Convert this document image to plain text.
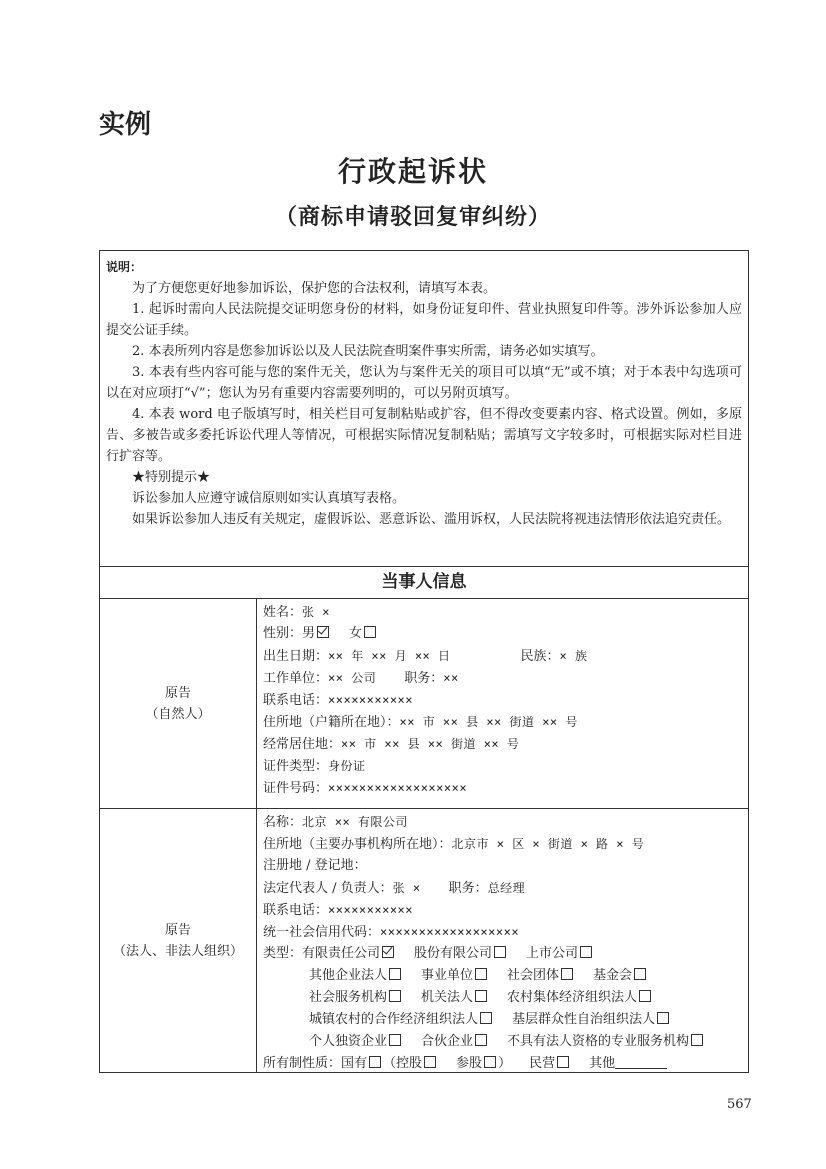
实例
行政起诉状
（商标申请驳回复审纠纷）

说明：

为了方便您更好地参加诉讼，保护您的合法权利，请填写本表。

1. 起诉时需向人民法院提交证明您身份的材料，如身份证复印件、营业执照复印件等。涉外诉讼参加人应提交公证手续。

2. 本表所列内容是您参加诉讼以及人民法院查明案件事实所需，请务必如实填写。

3. 本表有些内容可能与您的案件无关，您认为与案件无关的项目可以填“无”或不填；对于本表中勾选项可以在对应项打“√”；您认为另有重要内容需要列明的，可以另附页填写。

4. 本表 word 电子版填写时，相关栏目可复制粘贴或扩容，但不得改变要素内容、格式设置。例如，多原告、多被告或多委托诉讼代理人等情况，可根据实际情况复制粘贴；需填写文字较多时，可根据实际对栏目进行扩容等。

★特别提示★

诉讼参加人应遵守诚信原则如实认真填写表格。

如果诉讼参加人违反有关规定，虚假诉讼、恶意诉讼、滥用诉权，人民法院将视违法情形依法追究责任。

当事人信息
原告
（自然人）
姓名：张 ×
性别：男	女
出生日期：×× 年 ×× 月 ×× 日	民族：× 族
工作单位：×× 公司 职务：××
联系电话：×××××××××××
住所地（户籍所在地）：×× 市 ×× 县 ×× 街道 ×× 号
经常居住地：×× 市 ×× 县 ×× 街道 ×× 号
证件类型：身份证
证件号码：××××××××××××××××××
原告
（法人、非法人组织）
名称：北京 ×× 有限公司
住所地（主要办事机构所在地）：北京市 × 区 × 街道 × 路 × 号
注册地 / 登记地：
法定代表人 / 负责人：张 × 职务：总经理
联系电话：×××××××××××
统一社会信用代码：××××××××××××××××××
类型：有限责任公司	股份有限公司	上市公司
其他企业法人	事业单位	社会团体	基金会
社会服务机构	机关法人	农村集体经济组织法人
城镇农村的合作经济组织法人	基层群众性自治组织法人
个人独资企业	合伙企业	不具有法人资格的专业服务机构
所有制性质：国有 （控股	参股 ） 民营	其他
567
